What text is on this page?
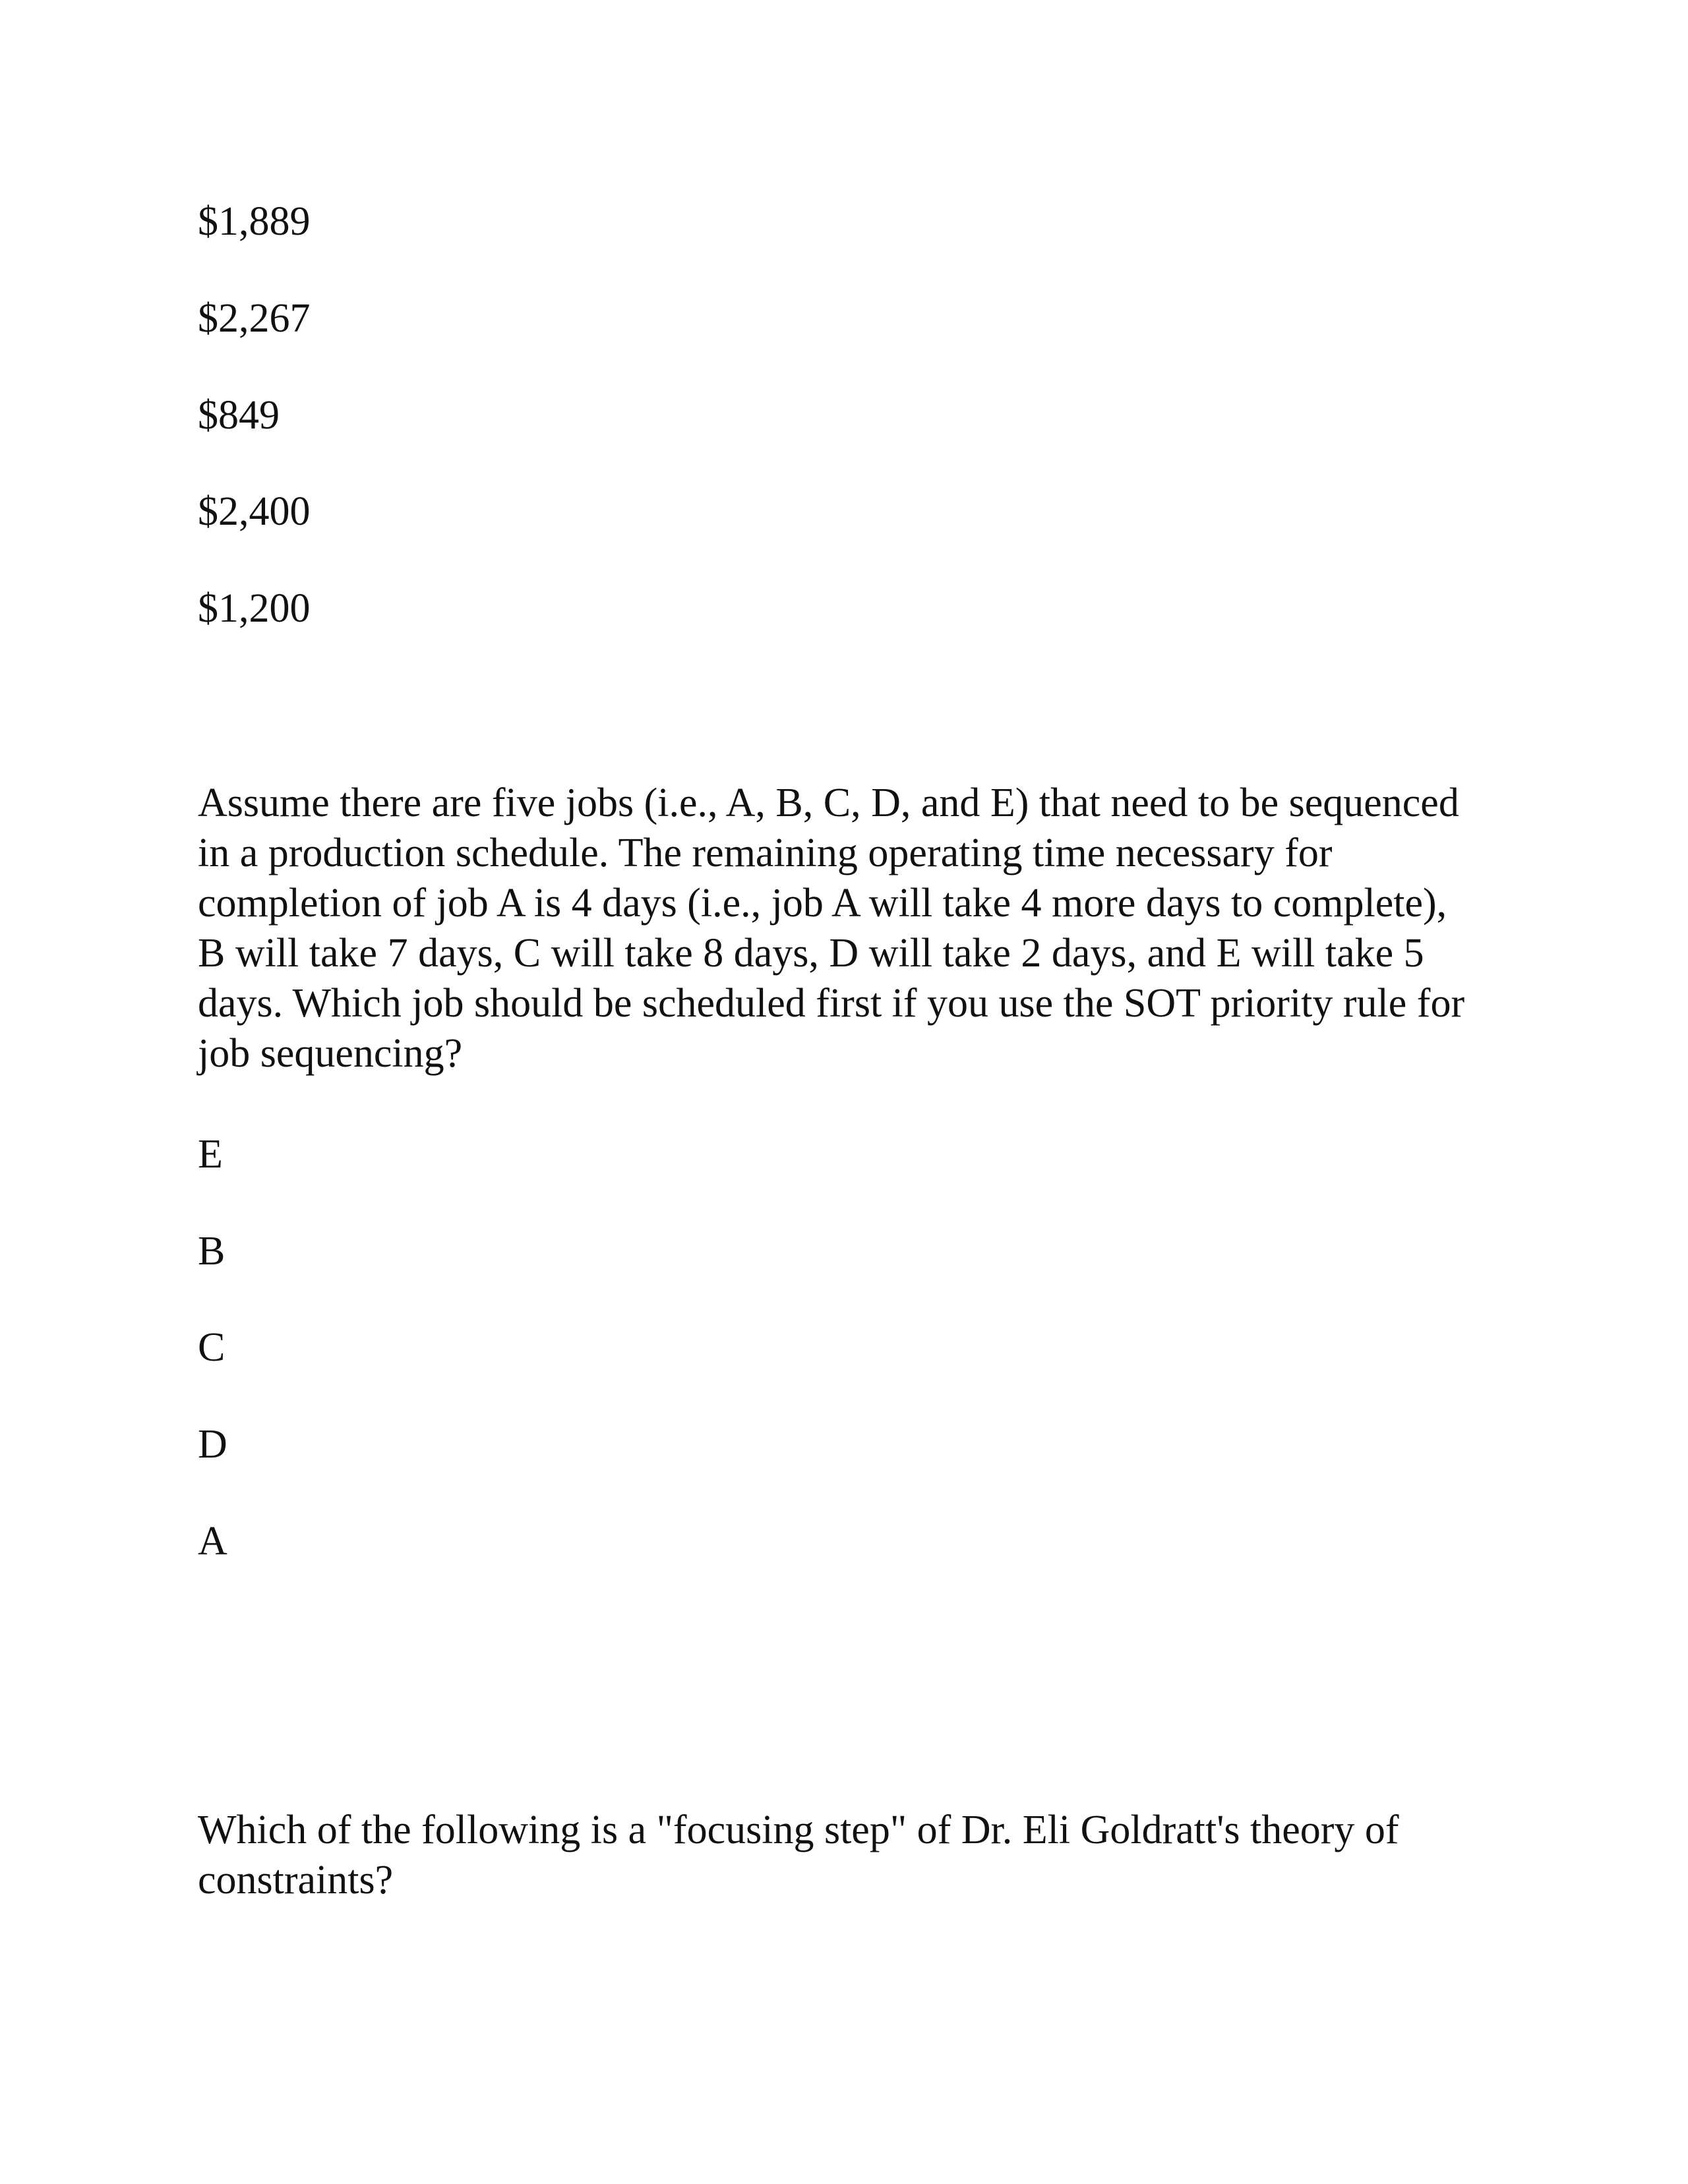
$1,889

$2,267

$849

$2,400

$1,200

Assume there are five jobs (i.e., A, B, C, D, and E) that need to be sequenced in a production schedule. The remaining operating time necessary for completion of job A is 4 days (i.e., job A will take 4 more days to complete), B will take 7 days, C will take 8 days, D will take 2 days, and E will take 5 days. Which job should be scheduled first if you use the SOT priority rule for job sequencing?

E

B

C

D

A

Which of the following is a "focusing step" of Dr. Eli Goldratt's theory of constraints?
